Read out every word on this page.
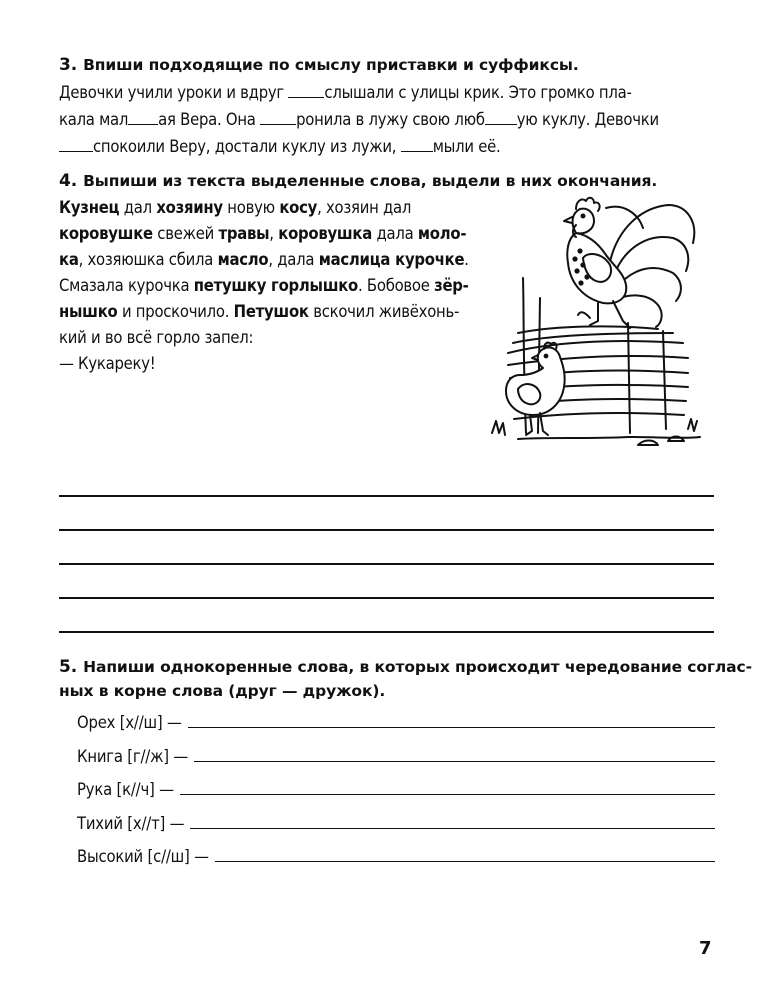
3. Впиши подходящие по смыслу приставки и суффиксы.
Девочки учили уроки и вдруг слышали с улицы крик. Это громко пла-
кала мал ая Вера. Она ронила в лужу свою люб ую куклу. Девочки
спокоили Веру, достали куклу из лужи, мыли её.
4. Выпиши из текста выделенные слова, выдели в них окончания.
Кузнец дал хозяину новую косу, хозяин дал
коровушке свежей травы, коровушка дала моло-
ка, хозяюшка сбила масло, дала маслица курочке.
Смазала курочка петушку горлышко. Бобовое зёр-
нышко и проскочило. Петушок вскочил живёхонь-
кий и во всё горло запел:
— Кукареку!
5. Напиши однокоренные слова, в которых происходит чередование соглас-
ных в корне слова (друг — дружок).
Орех [х//ш] —
Книга [г//ж] —
Рука [к//ч] —
Тихий [х//т] —
Высокий [с//ш] —
7
